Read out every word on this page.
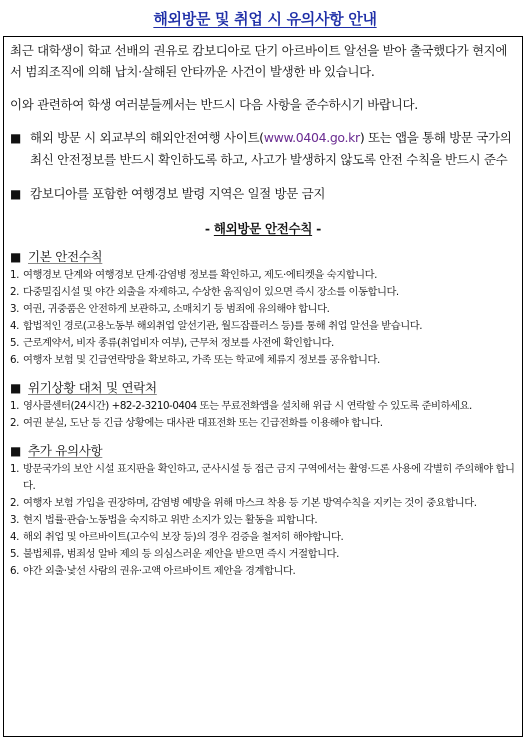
해외방문 및 취업 시 유의사항 안내

최근 대학생이 학교 선배의 권유로 캄보디아로 단기 아르바이트 알선을 받아 출국했다가 현지에서 범죄조직에 의해 납치·살해된 안타까운 사건이 발생한 바 있습니다.

이와 관련하여 학생 여러분들께서는 반드시 다음 사항을 준수하시기 바랍니다.

■ 해외 방문 시 외교부의 해외안전여행 사이트(www.0404.go.kr) 또는 앱을 통해 방문 국가의 최신 안전정보를 반드시 확인하도록 하고, 사고가 발생하지 않도록 안전 수칙을 반드시 준수
■ 캄보디아를 포함한 여행경보 발령 지역은 일절 방문 금지
- 해외방문 안전수칙 -
■ 기본 안전수칙
1. 여행경보 단계와 여행경보 단계·감염병 정보를 확인하고, 제도·에티켓을 숙지합니다.
2. 다중밀집시설 및 야간 외출을 자제하고, 수상한 움직임이 있으면 즉시 장소를 이동합니다.
3. 여권, 귀중품은 안전하게 보관하고, 소매치기 등 범죄에 유의해야 합니다.
4. 합법적인 경로(고용노동부 해외취업 알선기관, 월드잡플러스 등)를 통해 취업 알선을 받습니다.
5. 근로계약서, 비자 종류(취업비자 여부), 근무처 정보를 사전에 확인합니다.
6. 여행자 보험 및 긴급연락망을 확보하고, 가족 또는 학교에 체류지 정보를 공유합니다.
■ 위기상황 대처 및 연락처
1. 영사콜센터(24시간) +82-2-3210-0404 또는 무료전화앱을 설치해 위급 시 연락할 수 있도록 준비하세요.
2. 여권 분실, 도난 등 긴급 상황에는 대사관 대표전화 또는 긴급전화를 이용해야 합니다.
■ 추가 유의사항
1. 방문국가의 보안 시설 표지판을 확인하고, 군사시설 등 접근 금지 구역에서는 촬영·드론 사용에 각별히 주의해야 합니다.
2. 여행자 보험 가입을 권장하며, 감염병 예방을 위해 마스크 착용 등 기본 방역수칙을 지키는 것이 중요합니다.
3. 현지 법률·관습·노동법을 숙지하고 위반 소지가 있는 활동을 피합니다.
4. 해외 취업 및 아르바이트(고수익 보장 등)의 경우 검증을 철저히 해야합니다.
5. 불법체류, 범죄성 알바 제의 등 의심스러운 제안을 받으면 즉시 거절합니다.
6. 야간 외출·낯선 사람의 권유·고액 아르바이트 제안을 경계합니다.
